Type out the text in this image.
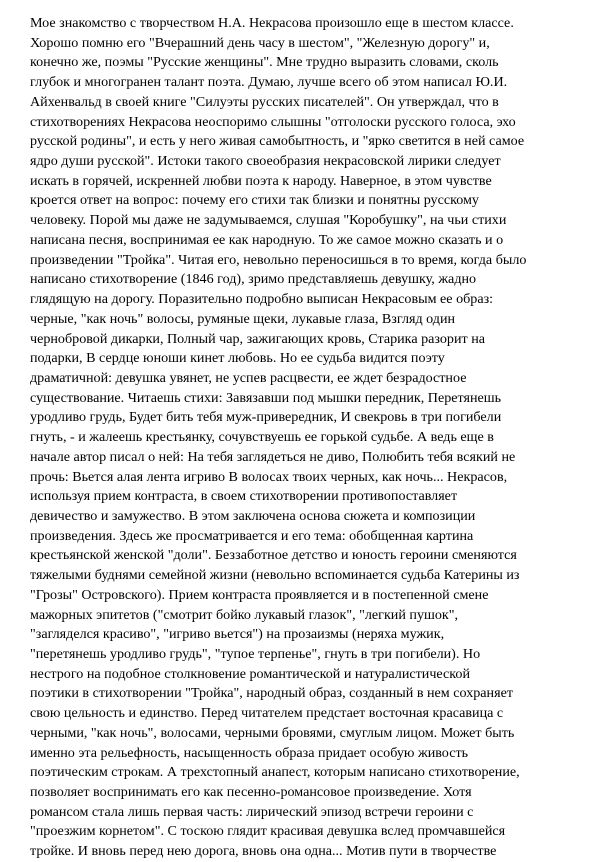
Мое знакомство с творчеством Н.А. Некрасова произошло еще в шестом классе.
Хорошо помню его "Вчерашний день часу в шестом", "Железную дорогу" и,
конечно же, поэмы "Русские женщины". Мне трудно выразить словами, сколь
глубок и многогранен талант поэта. Думаю, лучше всего об этом написал Ю.И.
Айхенвальд в своей книге "Силуэты русских писателей". Он утверждал, что в
стихотворениях Некрасова неоспоримо слышны "отголоски русского голоса, эхо
русской родины", и есть у него живая самобытность, и "ярко светится в ней самое
ядро души русской". Истоки такого своеобразия некрасовской лирики следует
искать в горячей, искренней любви поэта к народу. Наверное, в этом чувстве
кроется ответ на вопрос: почему его стихи так близки и понятны русскому
человеку. Порой мы даже не задумываемся, слушая "Коробушку", на чьи стихи
написана песня, воспринимая ее как народную. То же самое можно сказать и о
произведении "Тройка". Читая его, невольно переносишься в то время, когда было
написано стихотворение (1846 год), зримо представляешь девушку, жадно
глядящую на дорогу. Поразительно подробно выписан Некрасовым ее образ:
черные, "как ночь" волосы, румяные щеки, лукавые глаза, Взгляд один
чернобровой дикарки, Полный чар, зажигающих кровь, Старика разорит на
подарки, В сердце юноши кинет любовь. Но ее судьба видится поэту
драматичной: девушка увянет, не успев расцвести, ее ждет безрадостное
существование. Читаешь стихи: Завязавши под мышки передник, Перетянешь
уродливо грудь, Будет бить тебя муж-привередник, И свекровь в три погибели
гнуть, - и жалеешь крестьянку, сочувствуешь ее горькой судьбе. А ведь еще в
начале автор писал о ней: На тебя заглядеться не диво, Полюбить тебя всякий не
прочь: Вьется алая лента игриво В волосах твоих черных, как ночь... Некрасов,
используя прием контраста, в своем стихотворении противопоставляет
девичество и замужество. В этом заключена основа сюжета и композиции
произведения. Здесь же просматривается и его тема: обобщенная картина
крестьянской женской "доли". Беззаботное детство и юность героини сменяются
тяжелыми буднями семейной жизни (невольно вспоминается судьба Катерины из
"Грозы" Островского). Прием контраста проявляется и в постепенной смене
мажорных эпитетов ("смотрит бойко лукавый глазок", "легкий пушок",
"загляделся красиво", "игриво вьется") на прозаизмы (неряха мужик,
"перетянешь уродливо грудь", "тупое терпенье", гнуть в три погибели). Но
нестрого на подобное столкновение романтической и натуралистической
поэтики в стихотворении "Тройка", народный образ, созданный в нем сохраняет
свою цельность и единство. Перед читателем предстает восточная красавица с
черными, "как ночь", волосами, черными бровями, смуглым лицом. Может быть
именно эта рельефность, насыщенность образа придает особую живость
поэтическим строкам. А трехстопный анапест, которым написано стихотворение,
позволяет воспринимать его как песенно-романсовое произведение. Хотя
романсом стала лишь первая часть: лирический эпизод встречи героини с
"проезжим корнетом". С тоскою глядит красивая девушка вслед промчавшейся
тройке. И вновь перед нею дорога, вновь она одна... Мотив пути в творчестве
